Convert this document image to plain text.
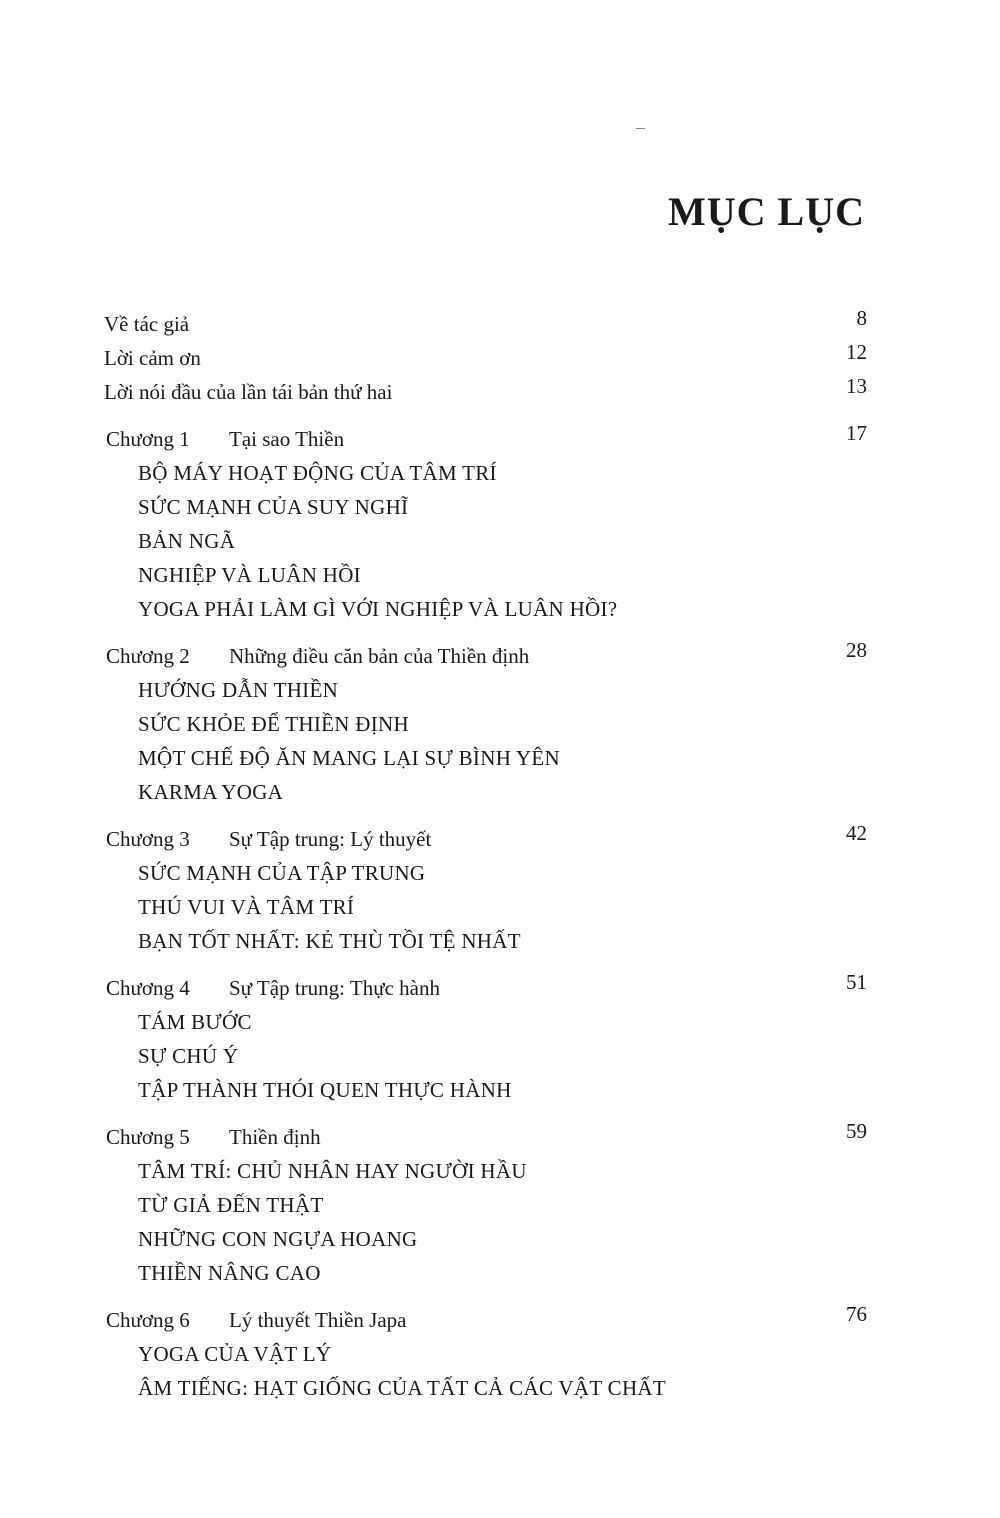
MỤC LỤC
Về tác giả	8
Lời cảm ơn	12
Lời nói đầu của lần tái bản thứ hai	13
Chương 1 Tại sao Thiền	17
BỘ MÁY HOẠT ĐỘNG CỦA TÂM TRÍ
SỨC MẠNH CỦA SUY NGHĨ
BẢN NGÃ
NGHIỆP VÀ LUÂN HỒI
YOGA PHẢI LÀM GÌ VỚI NGHIỆP VÀ LUÂN HỒI?
Chương 2 Những điều căn bản của Thiền định	28
HƯỚNG DẪN THIỀN
SỨC KHỎE ĐỂ THIỀN ĐỊNH
MỘT CHẾ ĐỘ ĂN MANG LẠI SỰ BÌNH YÊN
KARMA YOGA
Chương 3 Sự Tập trung: Lý thuyết	42
SỨC MẠNH CỦA TẬP TRUNG
THÚ VUI VÀ TÂM TRÍ
BẠN TỐT NHẤT: KẺ THÙ TỒI TỆ NHẤT
Chương 4 Sự Tập trung: Thực hành	51
TÁM BƯỚC
SỰ CHÚ Ý
TẬP THÀNH THÓI QUEN THỰC HÀNH
Chương 5 Thiền định	59
TÂM TRÍ: CHỦ NHÂN HAY NGƯỜI HẦU
TỪ GIẢ ĐẾN THẬT
NHỮNG CON NGỰA HOANG
THIỀN NÂNG CAO
Chương 6 Lý thuyết Thiền Japa	76
YOGA CỦA VẬT LÝ
ÂM TIẾNG: HẠT GIỐNG CỦA TẤT CẢ CÁC VẬT CHẤT
